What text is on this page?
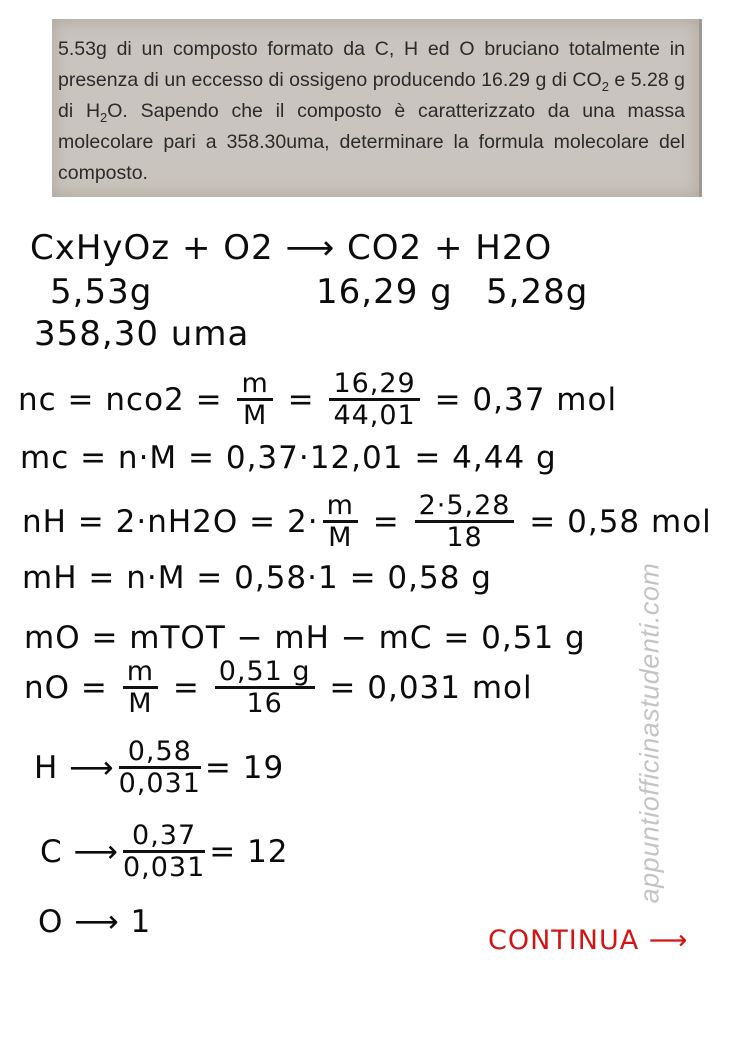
5.53g di un composto formato da C, H ed O bruciano totalmente in presenza di un eccesso di ossigeno producendo 16.29 g di $CO_2$ e 5.28 g di $H_2O$. Sapendo che il composto è caratterizzato da una massa molecolare pari a 358.30uma, determinare la formula molecolare del composto.
CxHyOz + O2 ⟶ CO2 + H2O
5,53g	16,29 g 5,28g
358,30 uma
nc = $nco2 = \frac{m}{M} = \frac{16,29}{44,01} = 0,37$ mol
mc = n·M = 0,37·12,01 = 4,44 g
nH = $2\cdot nH2O = 2\cdot \frac{m}{M} = \frac{2\cdot 5,28}{18} = 0,58$ mol
mH = n·M = 0,58·1 = 0,58 g
mO = mTOT − mH − mC = 0,51 g
nO = $\frac{m}{M} = \frac{0,51 g}{16} = 0,031$ mol
H ⟶ $\frac{0,58}{0,031} = 19$
C ⟶ $\frac{0,37}{0,031} = 12$
O ⟶ 1
appuntiofficinastudenti.com
CONTINUA ⟶
